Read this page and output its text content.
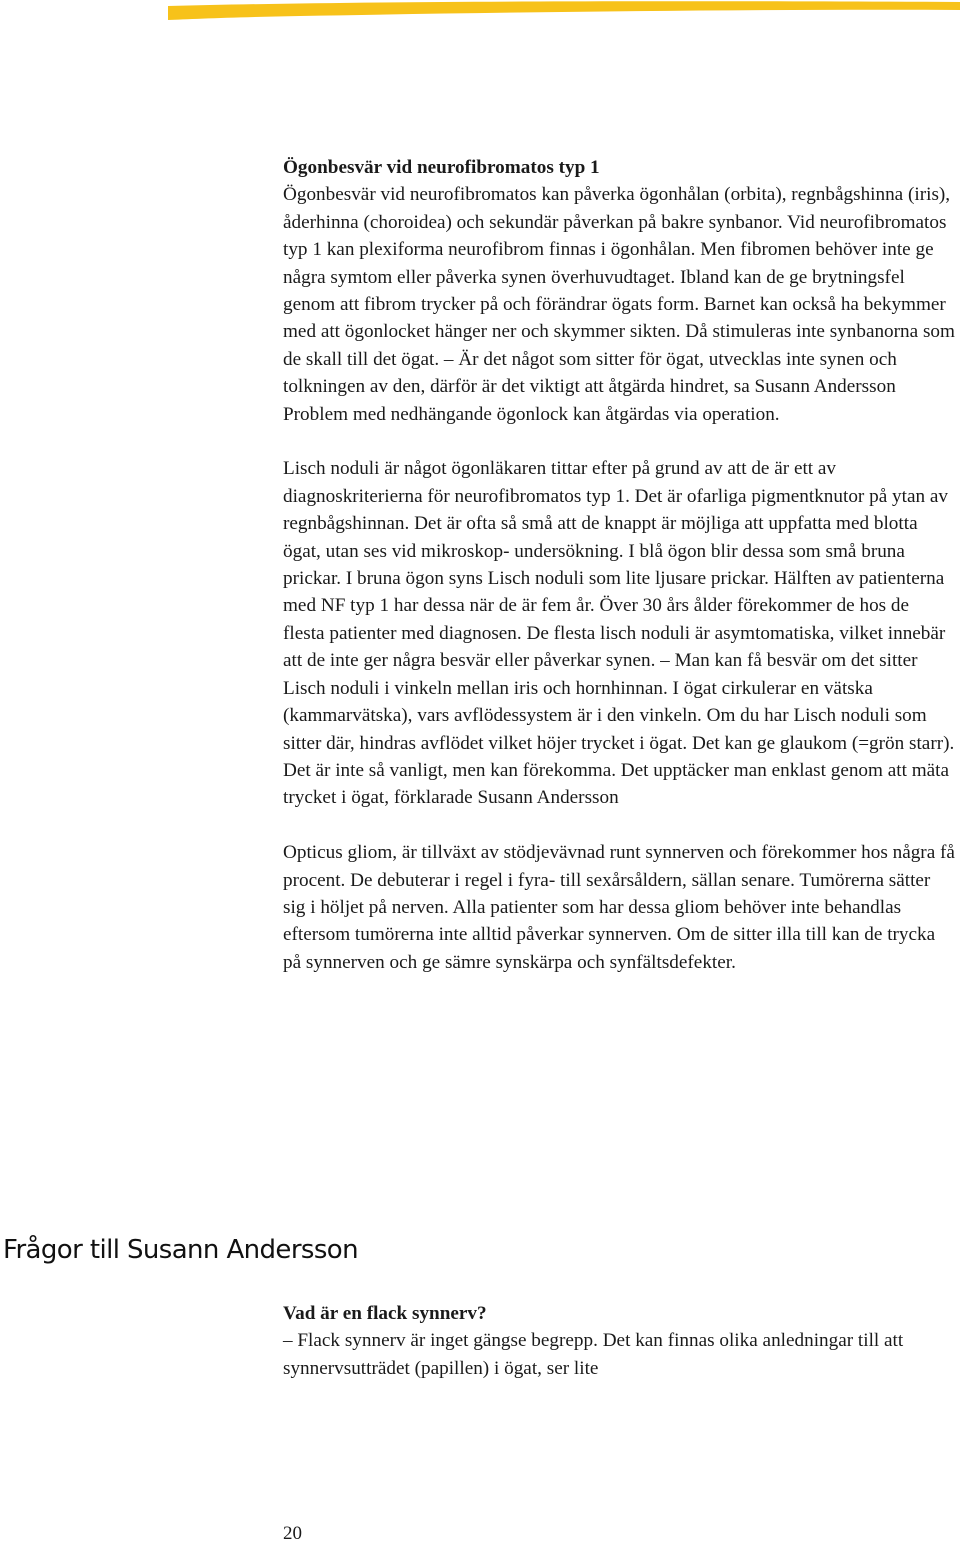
Ögonbesvär vid neurofibromatos typ 1

Ögonbesvär vid neurofibromatos kan påverka ögonhålan (orbita), regnbågshinna (iris), åderhinna (choroidea) och sekundär påverkan på bakre synbanor. Vid neurofibromatos typ 1 kan plexiforma neurofibrom finnas i ögonhålan. Men fibromen behöver inte ge några symtom eller påverka synen överhuvudtaget. Ibland kan de ge brytningsfel genom att fibrom trycker på och förändrar ögats form. Barnet kan också ha bekymmer med att ögonlocket hänger ner och skymmer sikten. Då stimuleras inte synbanorna som de skall till det ögat. – Är det något som sitter för ögat, utvecklas inte synen och tolkningen av den, därför är det viktigt att åtgärda hindret, sa Susann Andersson Problem med nedhängande ögonlock kan åtgärdas via operation.

Lisch noduli är något ögonläkaren tittar efter på grund av att de är ett av diagnoskriterierna för neurofibromatos typ 1. Det är ofarliga pigmentknutor på ytan av regnbågshinnan. Det är ofta så små att de knappt är möjliga att uppfatta med blotta ögat, utan ses vid mikroskop- undersökning. I blå ögon blir dessa som små bruna prickar. I bruna ögon syns Lisch noduli som lite ljusare prickar. Hälften av patienterna med NF typ 1 har dessa när de är fem år. Över 30 års ålder förekommer de hos de flesta patienter med diagnosen. De flesta lisch noduli är asymtomatiska, vilket innebär att de inte ger några besvär eller påverkar synen. – Man kan få besvär om det sitter Lisch noduli i vinkeln mellan iris och hornhinnan. I ögat cirkulerar en vätska (kammarvätska), vars avflödessystem är i den vinkeln. Om du har Lisch noduli som sitter där, hindras avflödet vilket höjer trycket i ögat. Det kan ge glaukom (=grön starr). Det är inte så vanligt, men kan förekomma. Det upptäcker man enklast genom att mäta trycket i ögat, förklarade Susann Andersson

Opticus gliom, är tillväxt av stödjevävnad runt synnerven och förekommer hos några få procent. De debuterar i regel i fyra- till sexårsåldern, sällan senare. Tumörerna sätter sig i höljet på nerven. Alla patienter som har dessa gliom behöver inte behandlas eftersom tumörerna inte alltid påverkar synnerven. Om de sitter illa till kan de trycka på synnerven och ge sämre synskärpa och synfältsdefekter.

Frågor till Susann Andersson

Vad är en flack synnerv?

– Flack synnerv är inget gängse begrepp. Det kan finnas olika anledningar till att synnervsutträdet (papillen) i ögat, ser lite

20
